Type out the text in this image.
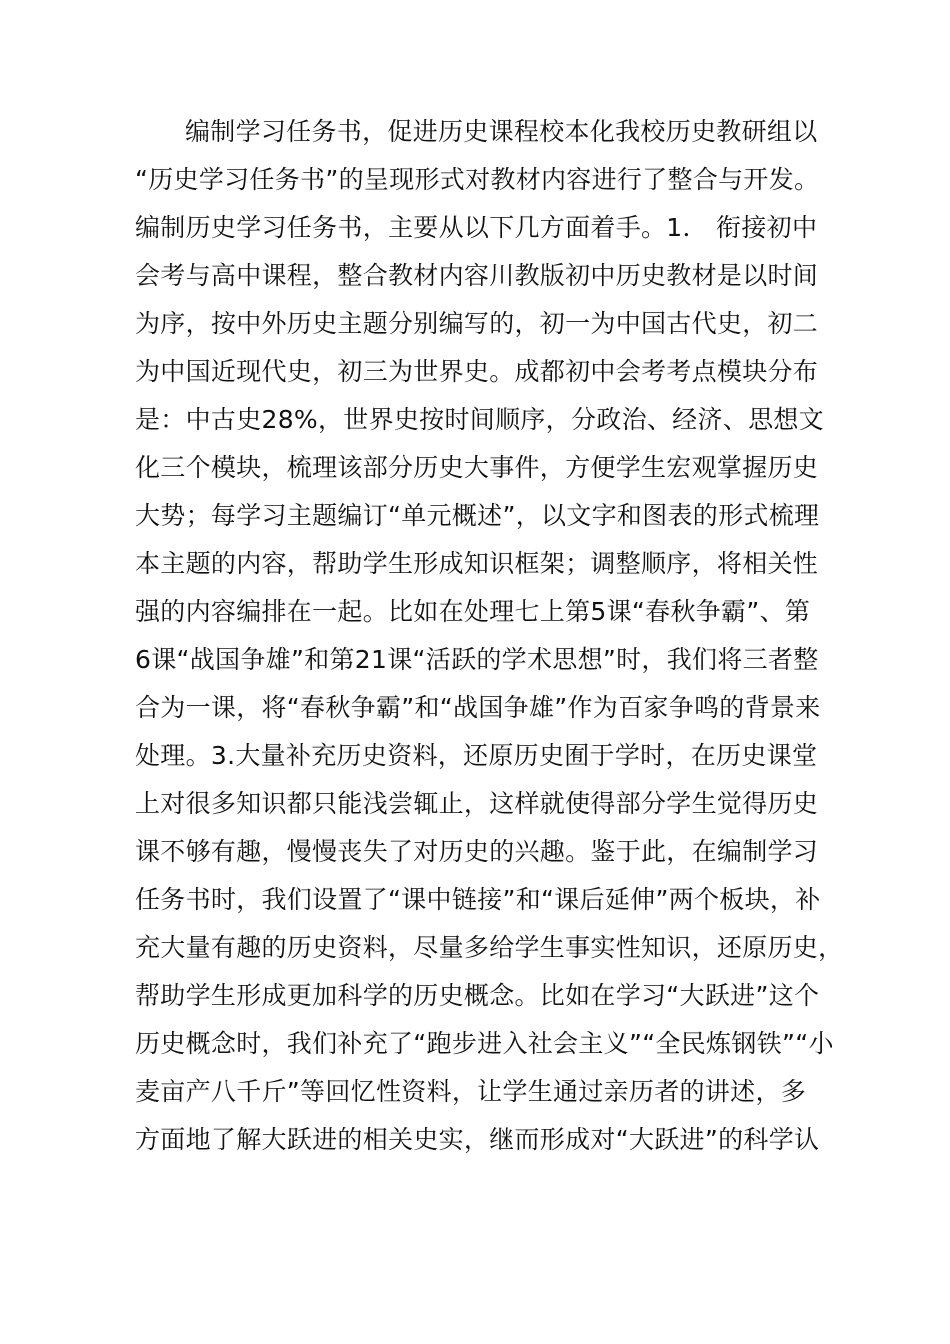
编制学习任务书，促进历史课程校本化我校历史教研组以
“历史学习任务书”的呈现形式对教材内容进行了整合与开发。
编制历史学习任务书，主要从以下几方面着手。1． 衔接初中
会考与高中课程，整合教材内容川教版初中历史教材是以时间
为序，按中外历史主题分别编写的，初一为中国古代史，初二
为中国近现代史，初三为世界史。成都初中会考考点模块分布
是：中古史28%，世界史按时间顺序，分政治、经济、思想文
化三个模块，梳理该部分历史大事件，方便学生宏观掌握历史
大势；每学习主题编订“单元概述”，以文字和图表的形式梳理
本主题的内容，帮助学生形成知识框架；调整顺序，将相关性
强的内容编排在一起。比如在处理七上第5课“春秋争霸”、第
6课“战国争雄”和第21课“活跃的学术思想”时，我们将三者整
合为一课，将“春秋争霸”和“战国争雄”作为百家争鸣的背景来
处理。3.大量补充历史资料，还原历史囿于学时，在历史课堂
上对很多知识都只能浅尝辄止，这样就使得部分学生觉得历史
课不够有趣，慢慢丧失了对历史的兴趣。鉴于此，在编制学习
任务书时，我们设置了“课中链接”和“课后延伸”两个板块，补
充大量有趣的历史资料，尽量多给学生事实性知识，还原历史，
帮助学生形成更加科学的历史概念。比如在学习“大跃进”这个
历史概念时，我们补充了“跑步进入社会主义”“全民炼钢铁”“小
麦亩产八千斤”等回忆性资料，让学生通过亲历者的讲述，多
方面地了解大跃进的相关史实，继而形成对“大跃进”的科学认
